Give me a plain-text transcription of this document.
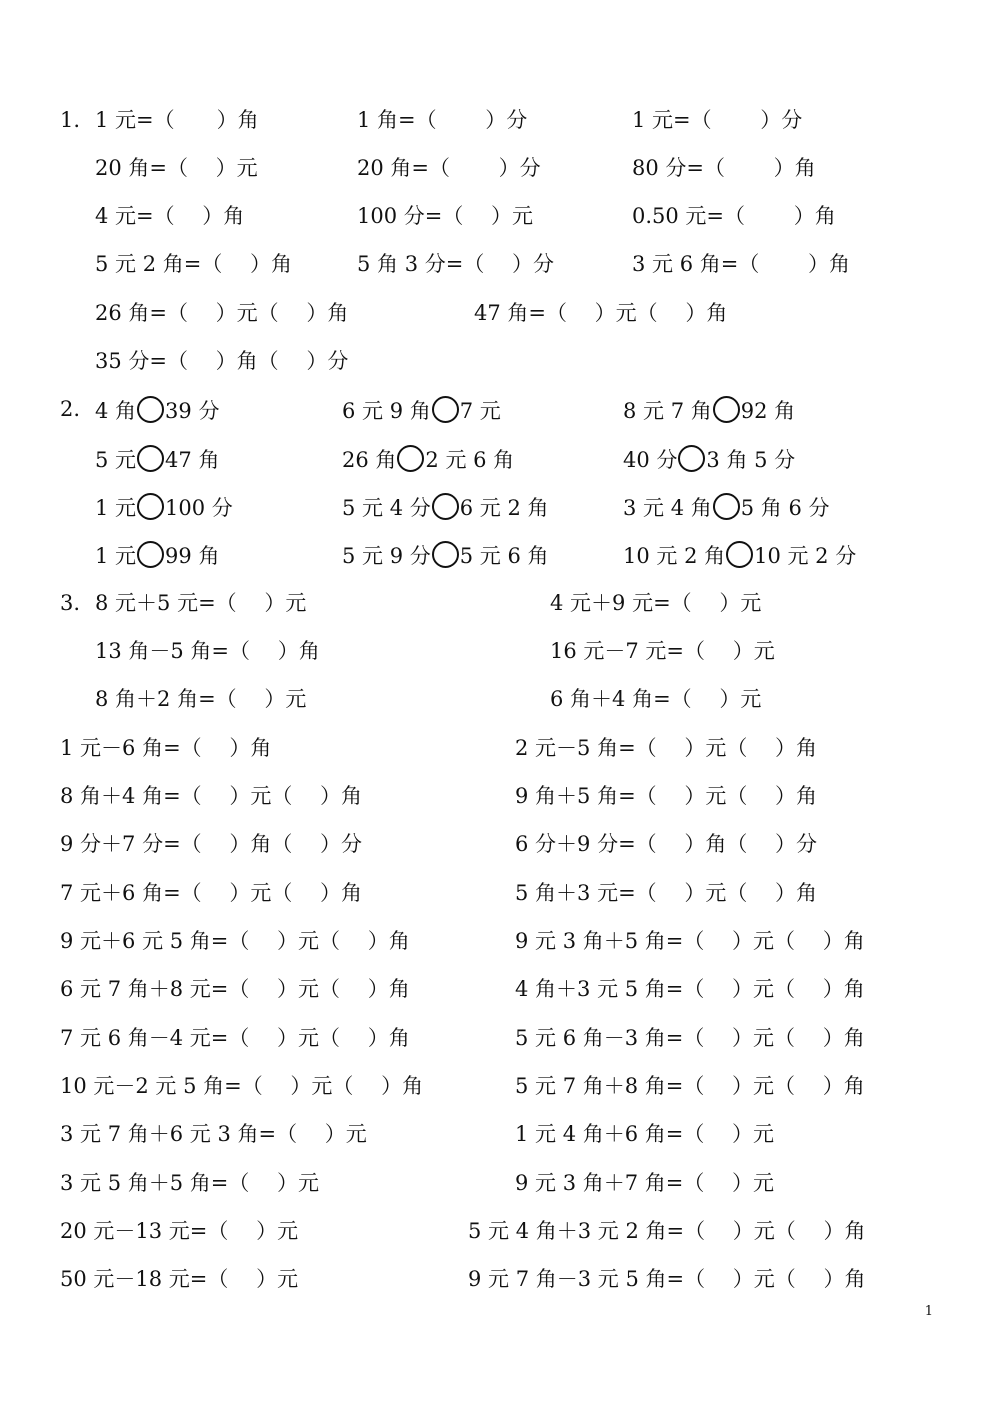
1. 1 元=（　　）角	1 角=（　　 ）分	1 元=（　　 ）分
20 角=（　 ）元	20 角=（　　 ）分	80 分=（　　 ）角
4 元=（　 ）角	100 分=（　 ）元	0.50 元=（　　 ）角
5 元 2 角=（　 ）角	5 角 3 分=（　 ）分	3 元 6 角=（　　 ）角
26 角=（　 ）元（　 ）角	47 角=（　 ）元（　 ）角
35 分=（　 ）角（　 ）分
2. 4 角 39 分	6 元 9 角 7 元	8 元 7 角 92 角
5 元 47 角	26 角 2 元 6 角	40 分 3 角 5 分
1 元 100 分	5 元 4 分 6 元 2 角	3 元 4 角 5 角 6 分
1 元 99 角	5 元 9 分 5 元 6 角	10 元 2 角 10 元 2 分
3. 8 元＋5 元=（　 ）元	4 元＋9 元=（　 ）元
13 角－5 角=（　 ）角	16 元－7 元=（　 ）元
8 角＋2 角=（　 ）元	6 角＋4 角=（　 ）元
1 元－6 角=（　 ）角	2 元－5 角=（　 ）元（　 ）角
8 角＋4 角=（　 ）元（　 ）角	9 角＋5 角=（　 ）元（　 ）角
9 分＋7 分=（　 ）角（　 ）分	6 分＋9 分=（　 ）角（　 ）分
7 元＋6 角=（　 ）元（　 ）角	5 角＋3 元=（　 ）元（　 ）角
9 元＋6 元 5 角=（　 ）元（　 ）角	9 元 3 角＋5 角=（　 ）元（　 ）角
6 元 7 角＋8 元=（　 ）元（　 ）角	4 角＋3 元 5 角=（　 ）元（　 ）角
7 元 6 角－4 元=（　 ）元（　 ）角	5 元 6 角－3 角=（　 ）元（　 ）角
10 元－2 元 5 角=（　 ）元（　 ）角	5 元 7 角＋8 角=（　 ）元（　 ）角
3 元 7 角＋6 元 3 角=（　 ）元	1 元 4 角＋6 角=（　 ）元
3 元 5 角＋5 角=（　 ）元	9 元 3 角＋7 角=（　 ）元
20 元－13 元=（　 ）元	5 元 4 角＋3 元 2 角=（　 ）元（　 ）角
50 元－18 元=（　 ）元	9 元 7 角－3 元 5 角=（　 ）元（　 ）角
1
